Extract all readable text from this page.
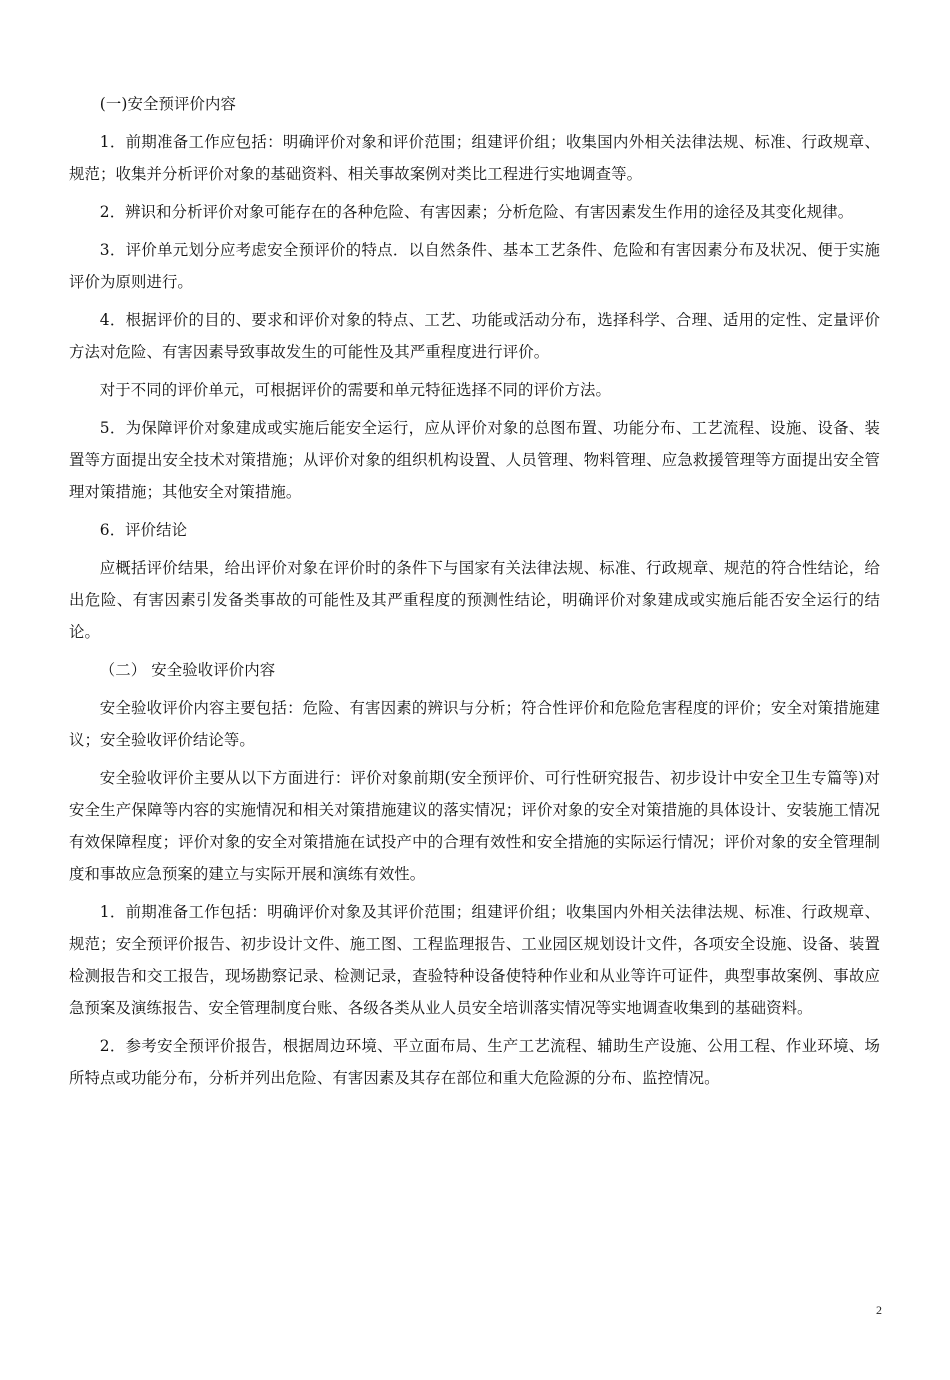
(一)安全预评价内容

1．前期准备工作应包括：明确评价对象和评价范围；组建评价组；收集国内外相关法律法规、标准、行政规章、规范；收集并分析评价对象的基础资料、相关事故案例对类比工程进行实地调查等。

2．辨识和分析评价对象可能存在的各种危险、有害因素；分析危险、有害因素发生作用的途径及其变化规律。

3．评价单元划分应考虑安全预评价的特点．以自然条件、基本工艺条件、危险和有害因素分布及状况、便于实施评价为原则进行。

4．根据评价的目的、要求和评价对象的特点、工艺、功能或活动分布，选择科学、合理、适用的定性、定量评价方法对危险、有害因素导致事故发生的可能性及其严重程度进行评价。

对于不同的评价单元，可根据评价的需要和单元特征选择不同的评价方法。

5．为保障评价对象建成或实施后能安全运行，应从评价对象的总图布置、功能分布、工艺流程、设施、设备、装置等方面提出安全技术对策措施；从评价对象的组织机构设置、人员管理、物料管理、应急救援管理等方面提出安全管理对策措施；其他安全对策措施。

6．评价结论

应概括评价结果，给出评价对象在评价时的条件下与国家有关法律法规、标准、行政规章、规范的符合性结论，给出危险、有害因素引发备类事故的可能性及其严重程度的预测性结论，明确评价对象建成或实施后能否安全运行的结论。

（二） 安全验收评价内容

安全验收评价内容主要包括：危险、有害因素的辨识与分析；符合性评价和危险危害程度的评价；安全对策措施建议；安全验收评价结论等。

安全验收评价主要从以下方面进行：评价对象前期(安全预评价、可行性研究报告、初步设计中安全卫生专篇等)对安全生产保障等内容的实施情况和相关对策措施建议的落实情况；评价对象的安全对策措施的具体设计、安装施工情况有效保障程度；评价对象的安全对策措施在试投产中的合理有效性和安全措施的实际运行情况；评价对象的安全管理制度和事故应急预案的建立与实际开展和演练有效性。

1．前期准备工作包括：明确评价对象及其评价范围；组建评价组；收集国内外相关法律法规、标准、行政规章、规范；安全预评价报告、初步设计文件、施工图、工程监理报告、工业园区规划设计文件，各项安全设施、设备、装置检测报告和交工报告，现场勘察记录、检测记录，查验特种设备使特种作业和从业等许可证件，典型事故案例、事故应急预案及演练报告、安全管理制度台账、各级各类从业人员安全培训落实情况等实地调查收集到的基础资料。

2．参考安全预评价报告，根据周边环境、平立面布局、生产工艺流程、辅助生产设施、公用工程、作业环境、场所特点或功能分布，分析并列出危险、有害因素及其存在部位和重大危险源的分布、监控情况。

2
